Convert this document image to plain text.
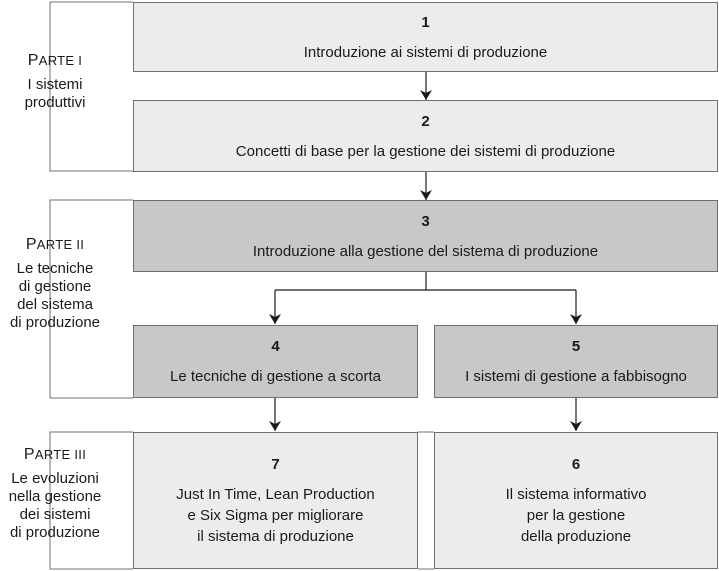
PARTE I
I sistemi
produttivi
PARTE II
Le tecniche
di gestione
del sistema
di produzione
PARTE III
Le evoluzioni
nella gestione
dei sistemi
di produzione
1
Introduzione ai sistemi di produzione
2
Concetti di base per la gestione dei sistemi di produzione
3
Introduzione alla gestione del sistema di produzione
4
Le tecniche di gestione a scorta
5
I sistemi di gestione a fabbisogno
7
Just In Time, Lean Production
e Six Sigma per migliorare
il sistema di produzione
6
Il sistema informativo
per la gestione
della produzione
